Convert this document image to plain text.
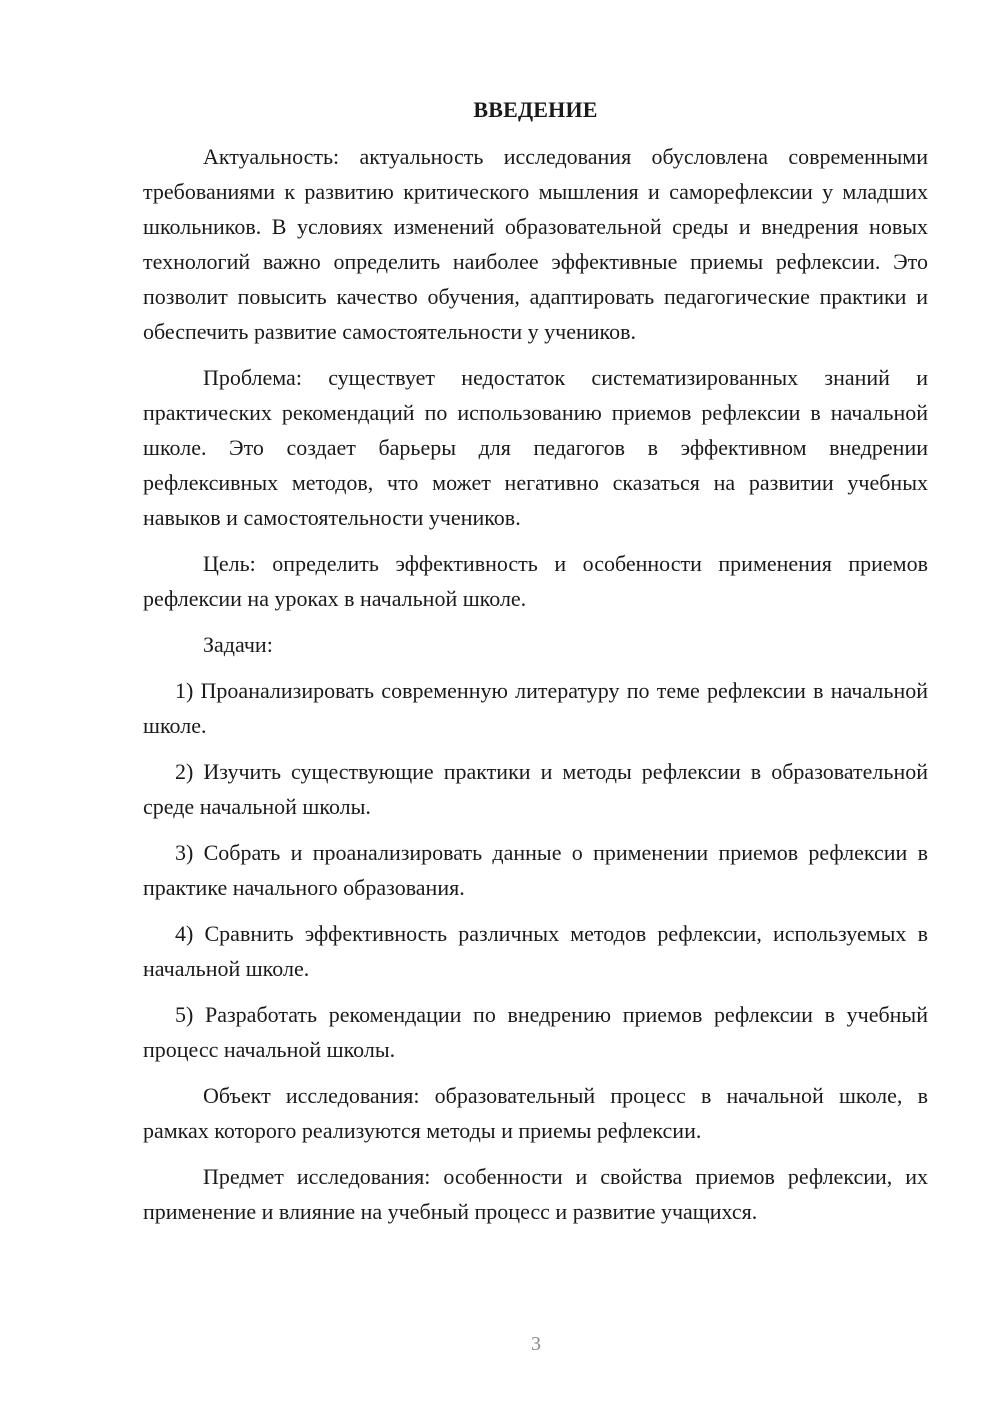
ВВЕДЕНИЕ

Актуальность: актуальность исследования обусловлена современными требованиями к развитию критического мышления и саморефлексии у младших школьников. В условиях изменений образовательной среды и внедрения новых технологий важно определить наиболее эффективные приемы рефлексии. Это позволит повысить качество обучения, адаптировать педагогические практики и обеспечить развитие самостоятельности у учеников.

Проблема: существует недостаток систематизированных знаний и практических рекомендаций по использованию приемов рефлексии в начальной школе. Это создает барьеры для педагогов в эффективном внедрении рефлексивных методов, что может негативно сказаться на развитии учебных навыков и самостоятельности учеников.

Цель: определить эффективность и особенности применения приемов рефлексии на уроках в начальной школе.

Задачи:

1) Проанализировать современную литературу по теме рефлексии в начальной школе.

2) Изучить существующие практики и методы рефлексии в образовательной среде начальной школы.

3) Собрать и проанализировать данные о применении приемов рефлексии в практике начального образования.

4) Сравнить эффективность различных методов рефлексии, используемых в начальной школе.

5) Разработать рекомендации по внедрению приемов рефлексии в учебный процесс начальной школы.

Объект исследования: образовательный процесс в начальной школе, в рамках которого реализуются методы и приемы рефлексии.

Предмет исследования: особенности и свойства приемов рефлексии, их применение и влияние на учебный процесс и развитие учащихся.

3
